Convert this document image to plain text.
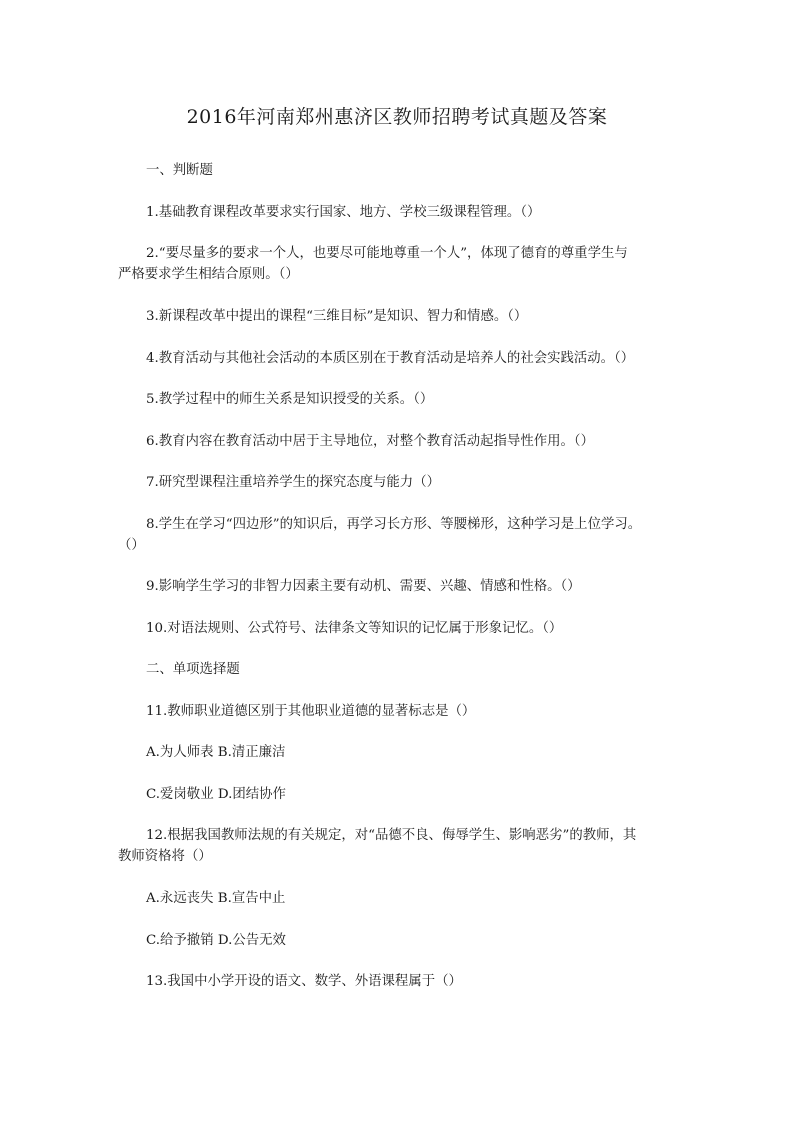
2016年河南郑州惠济区教师招聘考试真题及答案
一、判断题
1.基础教育课程改革要求实行国家、地方、学校三级课程管理。（）
2.“要尽量多的要求一个人，也要尽可能地尊重一个人”，体现了德育的尊重学生与
严格要求学生相结合原则。（）
3.新课程改革中提出的课程“三维目标”是知识、智力和情感。（）
4.教育活动与其他社会活动的本质区别在于教育活动是培养人的社会实践活动。（）
5.教学过程中的师生关系是知识授受的关系。（）
6.教育内容在教育活动中居于主导地位，对整个教育活动起指导性作用。（）
7.研究型课程注重培养学生的探究态度与能力（）
8.学生在学习“四边形”的知识后，再学习长方形、等腰梯形，这种学习是上位学习。
（）
9.影响学生学习的非智力因素主要有动机、需要、兴趣、情感和性格。（）
10.对语法规则、公式符号、法律条文等知识的记忆属于形象记忆。（）
二、单项选择题
11.教师职业道德区别于其他职业道德的显著标志是（）
A.为人师表 B.清正廉洁
C.爱岗敬业 D.团结协作
12.根据我国教师法规的有关规定，对“品德不良、侮辱学生、影响恶劣”的教师，其
教师资格将（）
A.永远丧失 B.宣告中止
C.给予撤销 D.公告无效
13.我国中小学开设的语文、数学、外语课程属于（）
